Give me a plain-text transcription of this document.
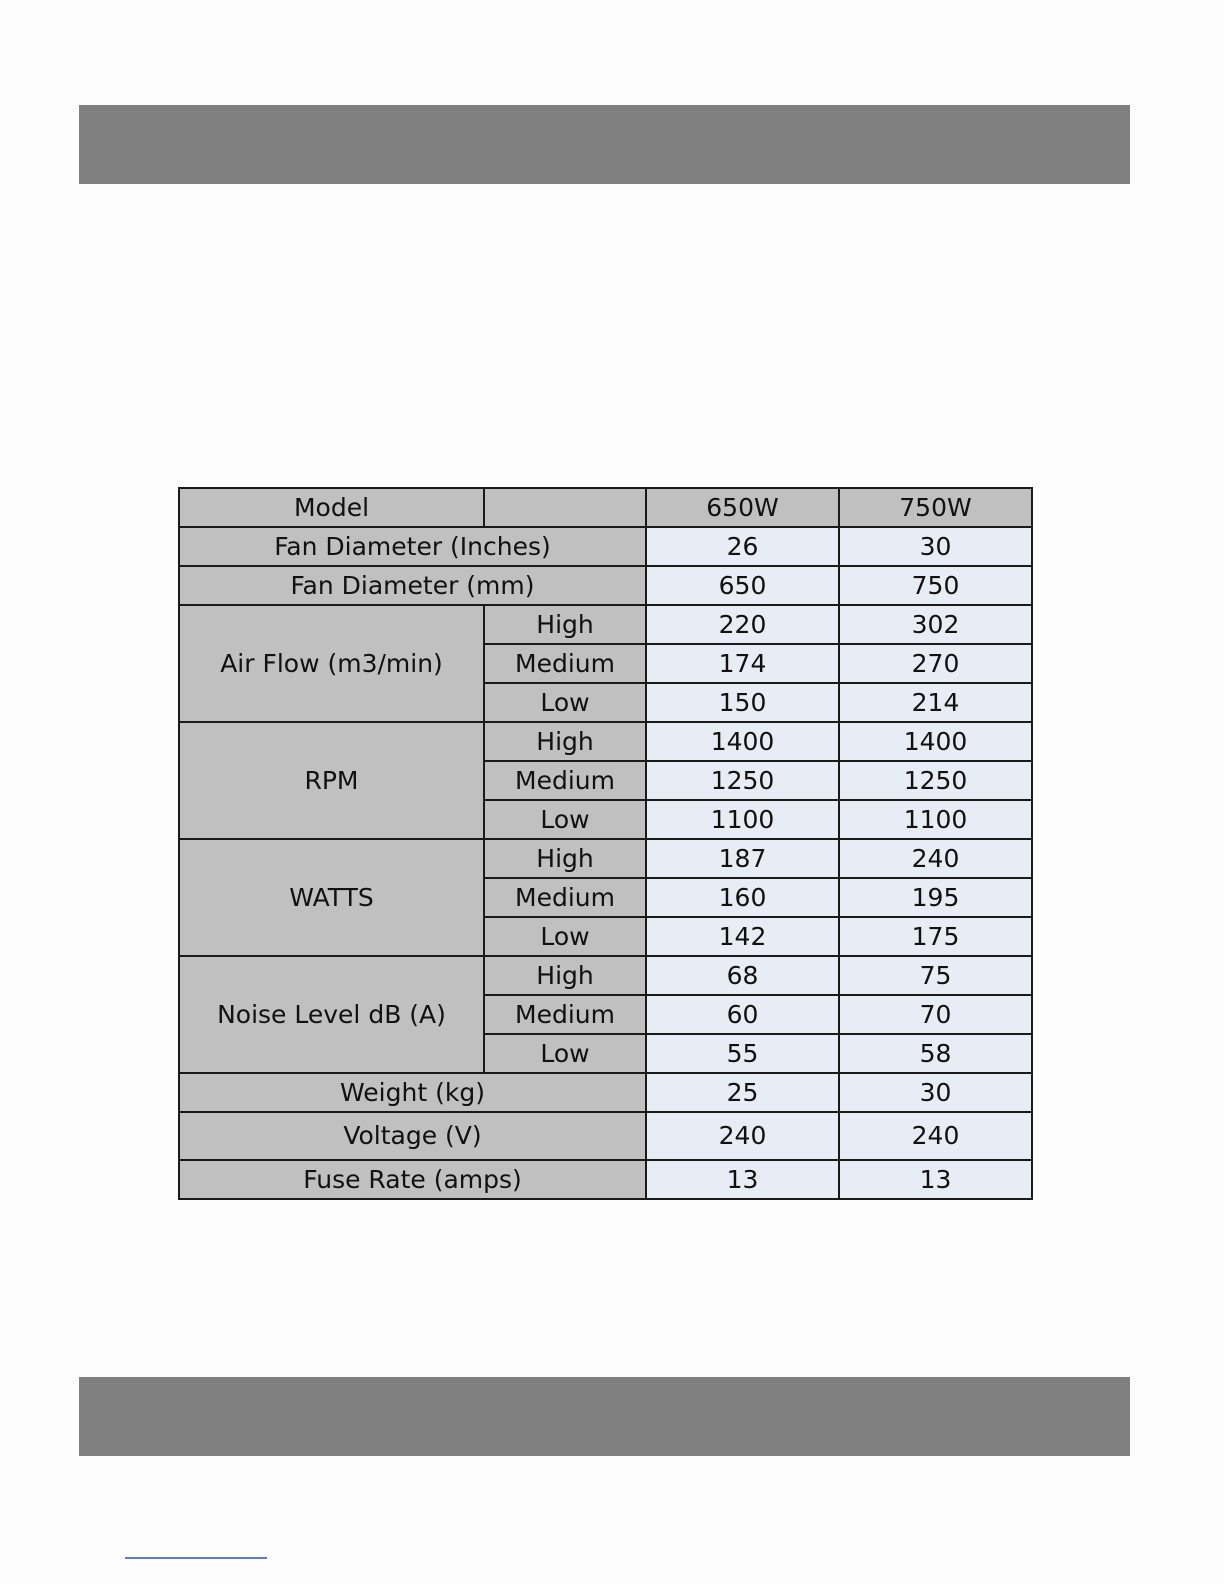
Model		650W	750W
Fan Diameter (Inches)		26	30
Fan Diameter (mm)		650	750
Air Flow (m3/min)	High	220	302
	Medium	174	270
	Low	150	214
RPM	High	1400	1400
	Medium	1250	1250
	Low	1100	1100
WATTS	High	187	240
	Medium	160	195
	Low	142	175
Noise Level dB (A)	High	68	75
	Medium	60	70
	Low	55	58
Weight (kg)		25	30
Voltage (V)		240	240
Fuse Rate (amps)		13	13
